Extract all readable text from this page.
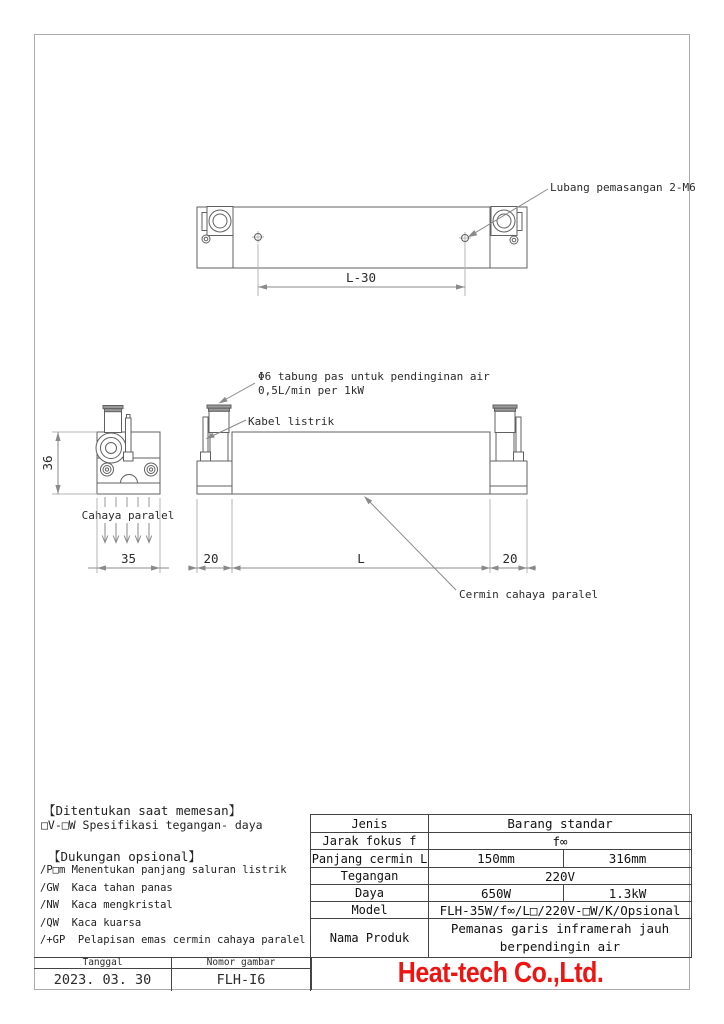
L-30
Lubang pemasangan 2-M6
36
Cahaya paralel
35
Φ6 tabung pas untuk pendinginan air
0,5L/min per 1kW
Kabel listrik
Cermin cahaya paralel
20	L	20
【Ditentukan saat memesan】
□V-□W Spesifikasi tegangan- daya
【Dukungan opsional】
/P□m Menentukan panjang saluran listrik
/GW  Kaca tahan panas
/NW  Kaca mengkristal
/QW  Kaca kuarsa
/+GP  Pelapisan emas cermin cahaya paralel
Tanggal
2023. 03. 30
Nomor gambar
FLH-I6
Jenis	Barang standar	
Jarak fokus f	f∞	
Panjang cermin L	150mm	316mm
Tegangan	220V	
Daya	650W	1.3kW
Model	FLH-35W/f∞/L□/220V-□W/K/Opsional	
Nama Produk	Pemanas garis inframerah jauh
berpendingin air	
Heat-tech Co.,Ltd.
